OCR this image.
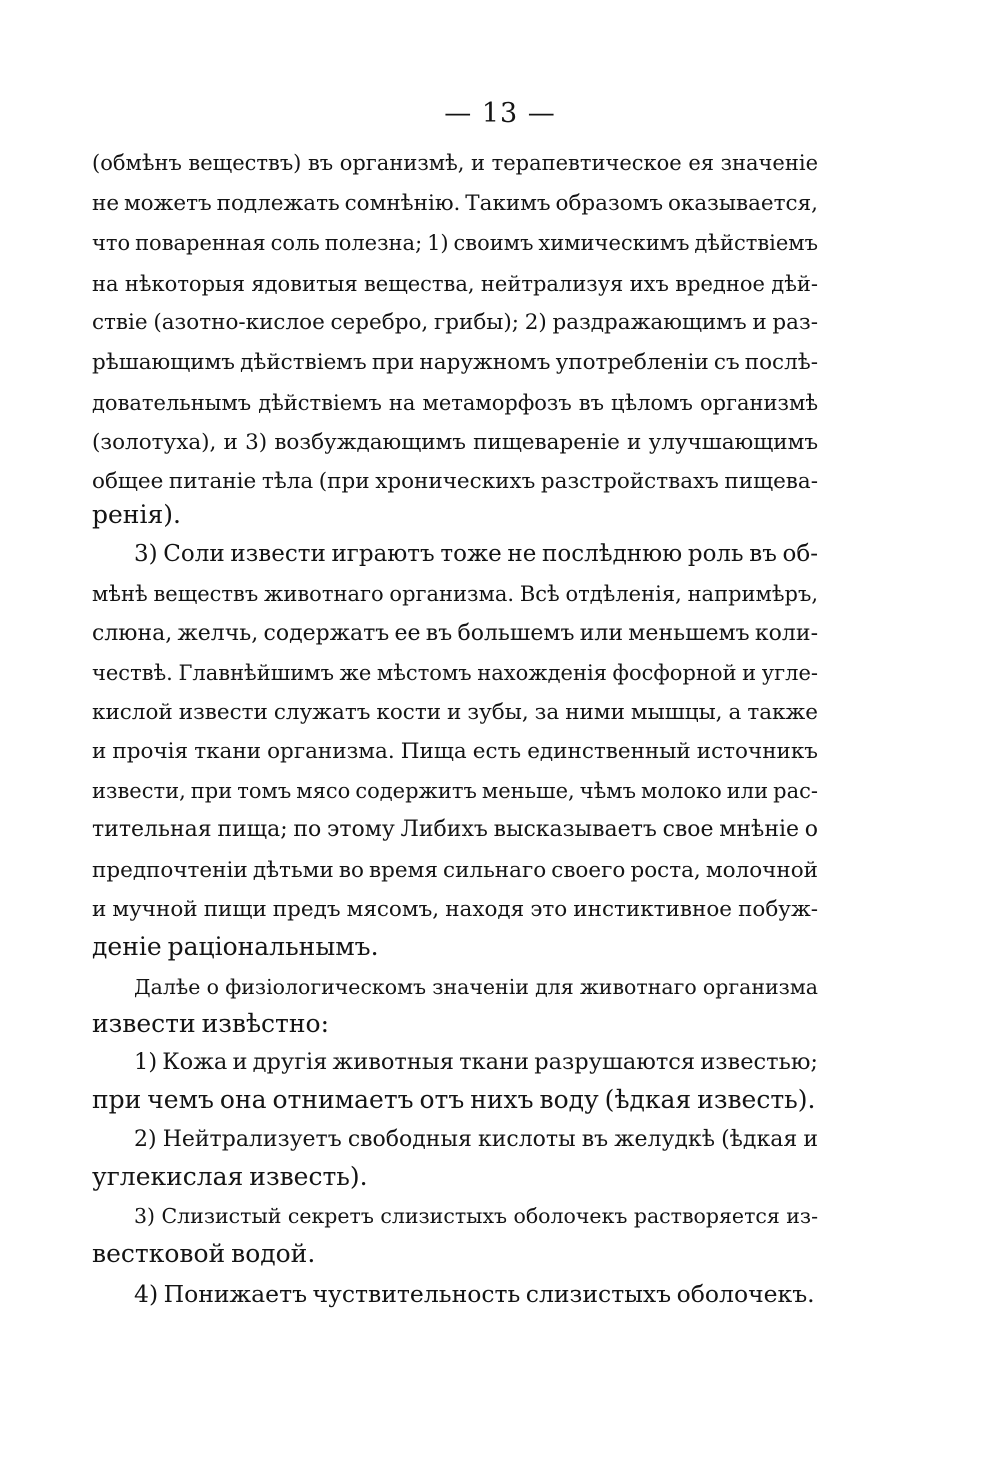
— 13 —
(обмѣнъ веществъ) въ организмѣ, и терапевтическое ея значеніе
не можетъ подлежать сомнѣнію. Такимъ образомъ оказывается,
что поваренная соль полезна; 1) своимъ химическимъ дѣйствіемъ
на нѣкоторыя ядовитыя вещества, нейтрализуя ихъ вредное дѣй-
ствіе (азотно-кислое серебро, грибы); 2) раздражающимъ и раз-
рѣшающимъ дѣйствіемъ при наружномъ употребленіи съ послѣ-
довательнымъ дѣйствіемъ на метаморфозъ въ цѣломъ организмѣ
(золотуха), и 3) возбуждающимъ пищевареніе и улучшающимъ
общее питаніе тѣла (при хроническихъ разстройствахъ пищева-
ренія).
3) Соли извести играютъ тоже не послѣднюю роль въ об-
мѣнѣ веществъ животнаго организма. Всѣ отдѣленія, напримѣръ,
слюна, желчь, содержатъ ее въ большемъ или меньшемъ коли-
чествѣ. Главнѣйшимъ же мѣстомъ нахожденія фосфорной и угле-
кислой извести служатъ кости и зубы, за ними мышцы, а также
и прочія ткани организма. Пища есть единственный источникъ
извести, при томъ мясо содержитъ меньше, чѣмъ молоко или рас-
тительная пища; по этому Либихъ высказываетъ свое мнѣніе о
предпочтеніи дѣтьми во время сильнаго своего роста, молочной
и мучной пищи предъ мясомъ, находя это инстиктивное побуж-
деніе раціональнымъ.
Далѣе о физіологическомъ значеніи для животнаго организма
извести извѣстно:
1) Кожа и другія животныя ткани разрушаются известью;
при чемъ она отнимаетъ отъ нихъ воду (ѣдкая известь).
2) Нейтрализуетъ свободныя кислоты въ желудкѣ (ѣдкая и
углекислая известь).
3) Слизистый секретъ слизистыхъ оболочекъ растворяется из-
вестковой водой.
4) Понижаетъ чуствительность слизистыхъ оболочекъ.
